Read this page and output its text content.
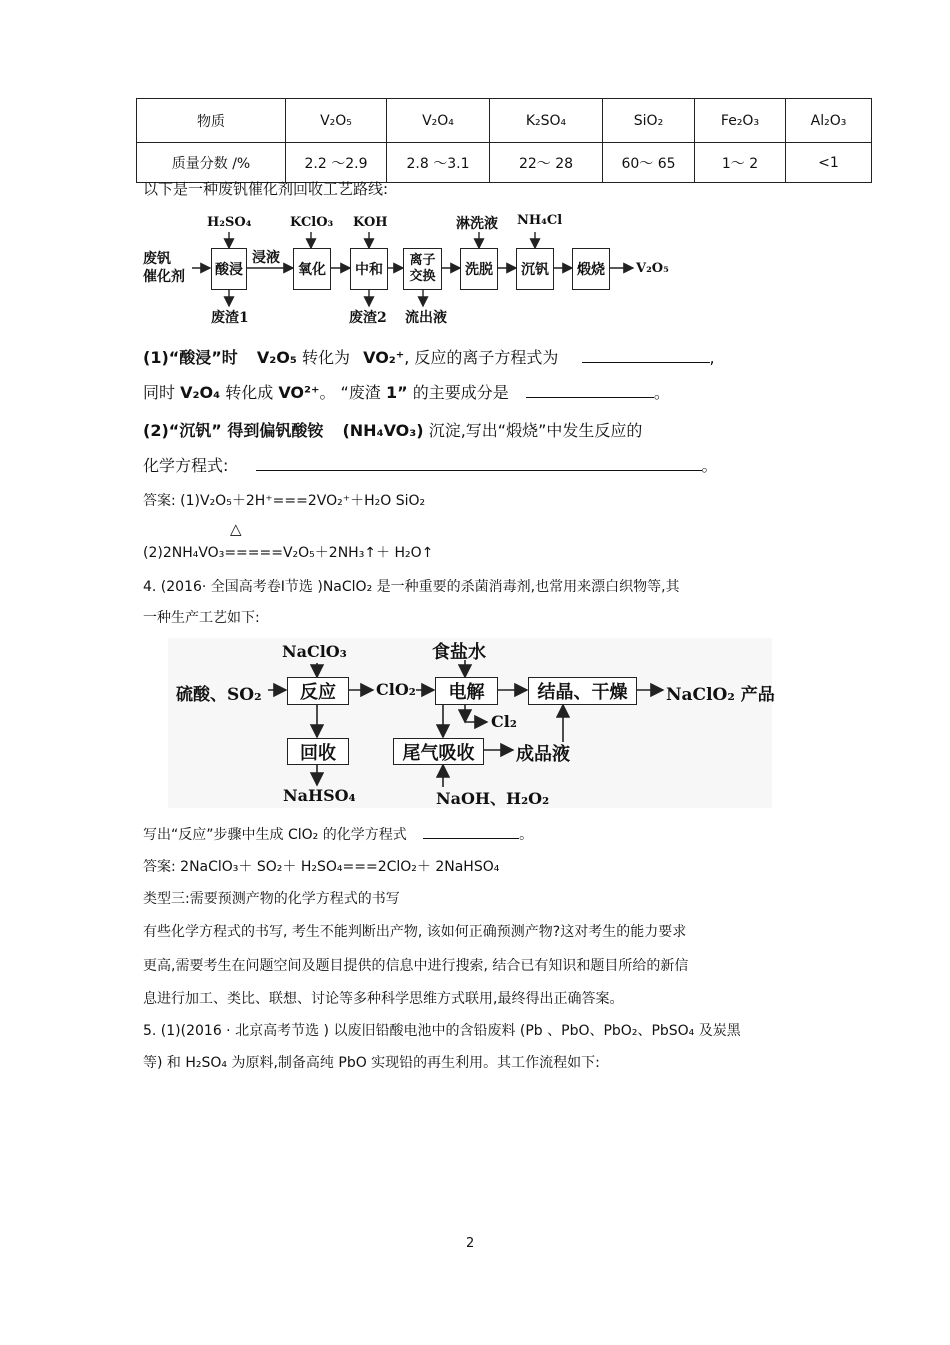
物质	V₂O₅	V₂O₄	K₂SO₄	SiO₂	Fe₂O₃	Al₂O₃
质量分数 /%	2.2 ～2.9	2.8 ～3.1	22～ 28	60～ 65	1～ 2	<1
以下是一种废钒催化剂回收工艺路线:
废钒
催化剂 酸浸	氧化	中和
离子
交换	洗脱	沉钒	煅烧
H₂SO₄	KClO₃ KOH	淋洗液 NH₄Cl
浸液
废渣1	废渣2 流出液
V₂O₅
(1)“酸浸”时 V₂O₅ 转化为 VO₂⁺, 反应的离子方程式为	,
同时 V₂O₄ 转化成 VO²⁺。 “废渣 1” 的主要成分是	。
(2)“沉钒” 得到偏钒酸铵 (NH₄VO₃) 沉淀,写出“煅烧”中发生反应的
化学方程式:	。
答案: (1)V₂O₅＋2H⁺===2VO₂⁺＋H₂O SiO₂
△
(2)2NH₄VO₃=====V₂O₅＋2NH₃↑＋ H₂O↑
4. (2016· 全国高考卷Ⅰ节选 )NaClO₂ 是一种重要的杀菌消毒剂,也常用来漂白织物等,其
一种生产工艺如下:
硫酸、SO₂
NaClO₃	食盐水
反应	ClO₂	电解	结晶、干燥	NaClO₂ 产品
Cl₂
回收	尾气吸收	成品液
NaHSO₄	NaOH、H₂O₂
写出“反应”步骤中生成 ClO₂ 的化学方程式	。
答案: 2NaClO₃＋ SO₂＋ H₂SO₄===2ClO₂＋ 2NaHSO₄
类型三:需要预测产物的化学方程式的书写
有些化学方程式的书写, 考生不能判断出产物, 该如何正确预测产物?这对考生的能力要求
更高,需要考生在问题空间及题目提供的信息中进行搜索, 结合已有知识和题目所给的新信
息进行加工、类比、联想、讨论等多种科学思维方式联用,最终得出正确答案。
5. (1)(2016 · 北京高考节选 ) 以废旧铅酸电池中的含铅废料 (Pb 、PbO、PbO₂、PbSO₄ 及炭黑
等) 和 H₂SO₄ 为原料,制备高纯 PbO 实现铅的再生利用。其工作流程如下:
2
